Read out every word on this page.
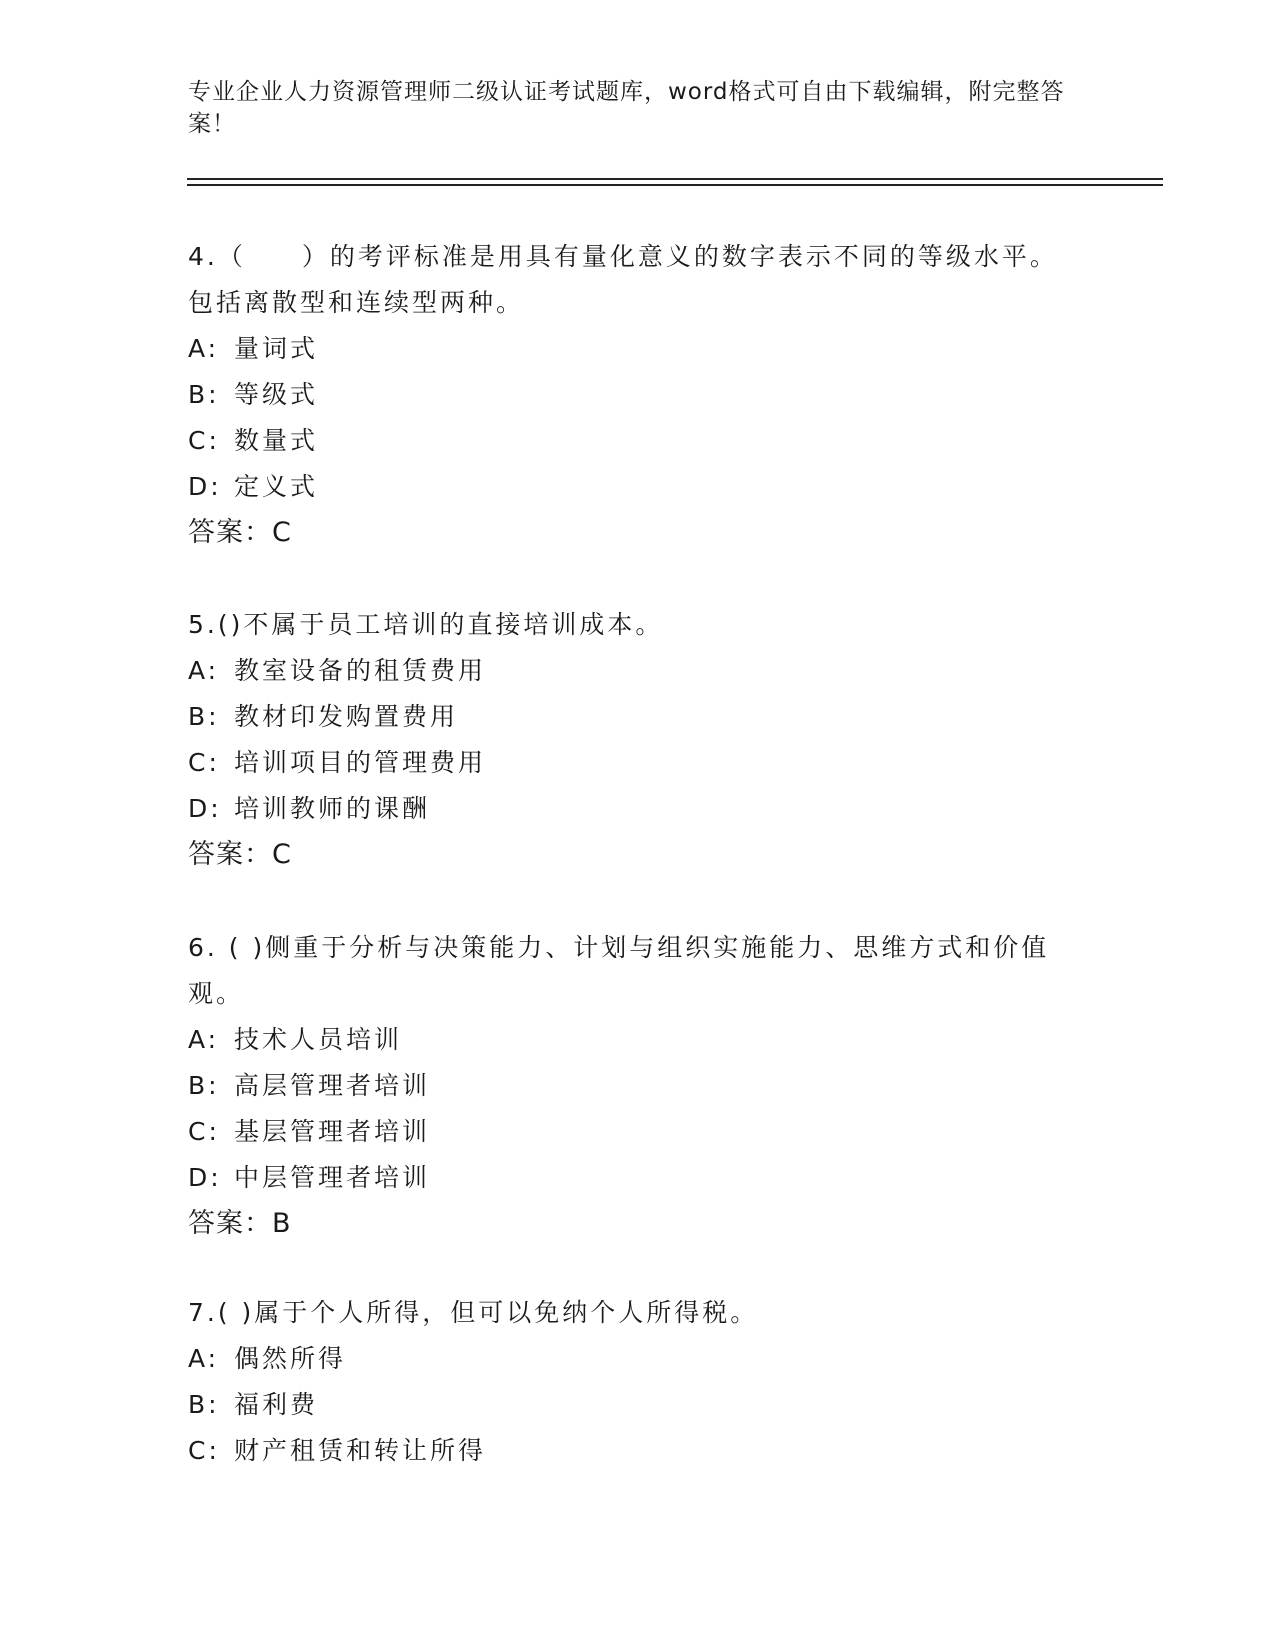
专业企业人力资源管理师二级认证考试题库，word格式可自由下载编辑，附完整答案！

4.（　　）的考评标准是用具有量化意义的数字表示不同的等级水平。包括离散型和连续型两种。

A: 量词式

B: 等级式

C: 数量式

D: 定义式

答案：C

5.()不属于员工培训的直接培训成本。

A: 教室设备的租赁费用

B: 教材印发购置费用

C: 培训项目的管理费用

D: 培训教师的课酬

答案：C

6. ( )侧重于分析与决策能力、计划与组织实施能力、思维方式和价值观。

A: 技术人员培训

B: 高层管理者培训

C: 基层管理者培训

D: 中层管理者培训

答案：B

7.( )属于个人所得，但可以免纳个人所得税。

A: 偶然所得

B: 福利费

C: 财产租赁和转让所得
